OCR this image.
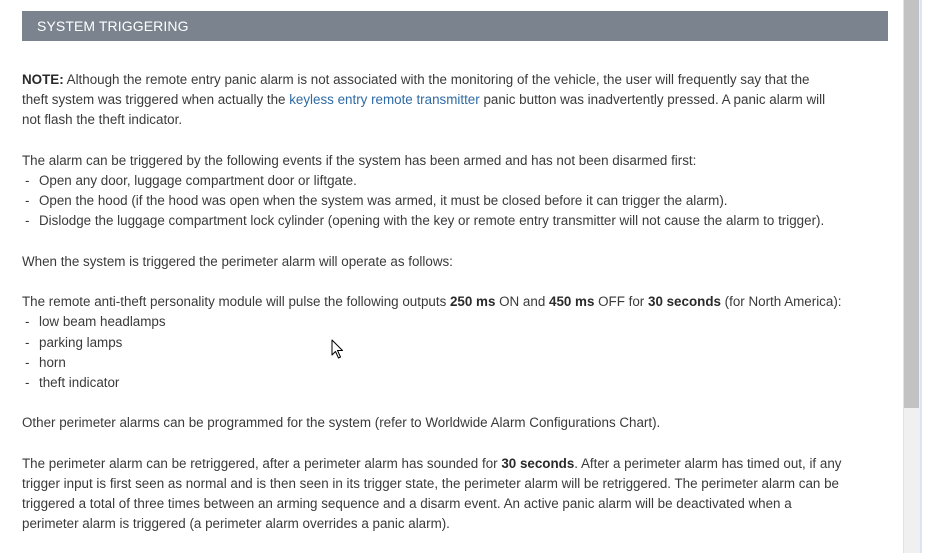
SYSTEM TRIGGERING
NOTE: Although the remote entry panic alarm is not associated with the monitoring of the vehicle, the user will frequently say that the
theft system was triggered when actually the keyless entry remote transmitter panic button was inadvertently pressed. A panic alarm will
not flash the theft indicator.
The alarm can be triggered by the following events if the system has been armed and has not been disarmed first:
- Open any door, luggage compartment door or liftgate.
- Open the hood (if the hood was open when the system was armed, it must be closed before it can trigger the alarm).
- Dislodge the luggage compartment lock cylinder (opening with the key or remote entry transmitter will not cause the alarm to trigger).
When the system is triggered the perimeter alarm will operate as follows:
The remote anti-theft personality module will pulse the following outputs 250 ms ON and 450 ms OFF for 30 seconds (for North America):
- low beam headlamps
- parking lamps
- horn
- theft indicator
Other perimeter alarms can be programmed for the system (refer to Worldwide Alarm Configurations Chart).
The perimeter alarm can be retriggered, after a perimeter alarm has sounded for 30 seconds. After a perimeter alarm has timed out, if any
trigger input is first seen as normal and is then seen in its trigger state, the perimeter alarm will be retriggered. The perimeter alarm can be
triggered a total of three times between an arming sequence and a disarm event. An active panic alarm will be deactivated when a
perimeter alarm is triggered (a perimeter alarm overrides a panic alarm).
